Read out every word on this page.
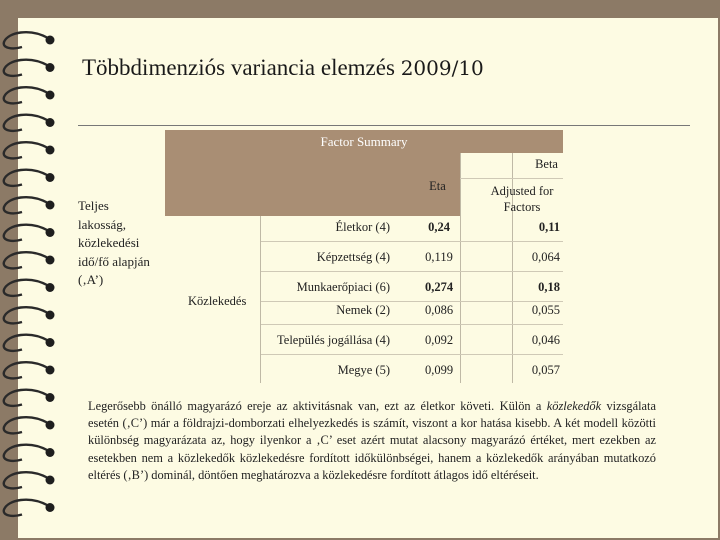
Többdimenziós variancia elemzés 2009/10
Factor Summary
Beta
Eta	Adjusted for Factors
Teljes lakosság, közlekedési idő/fő alapján (‚A’)
Közlekedés
Életkor (4)	0,24	0,11
Képzettség (4)	0,119	0,064
Munkaerőpiaci (6)	0,274	0,18
Nemek (2)	0,086	0,055
Település jogállása (4)	0,092	0,046
Megye (5)	0,099	0,057
Legerősebb önálló magyarázó ereje az aktivitásnak van, ezt az életkor követi. Külön a közlekedők vizsgálata esetén (‚C’) már a földrajzi-domborzati elhelyezkedés is számít, viszont a kor hatása kisebb. A két modell közötti különbség magyarázata az, hogy ilyenkor a ‚C’ eset azért mutat alacsony magyarázó értéket, mert ezekben az esetekben nem a közlekedők közlekedésre fordított időkülönbségei, hanem a közlekedők arányában mutatkozó eltérés (‚B’) dominál, döntően meghatározva a közlekedésre fordított átlagos idő eltéréseit.
